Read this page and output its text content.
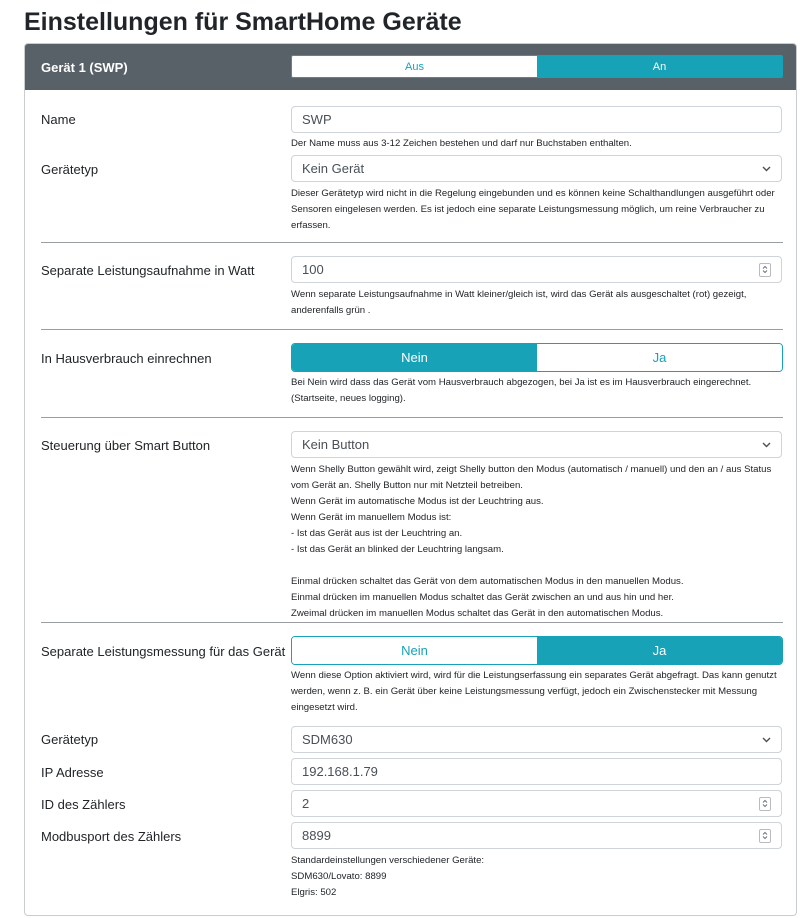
Einstellungen für SmartHome Geräte
Gerät 1 (SWP)	Aus	An
Name	SWP
Der Name muss aus 3-12 Zeichen bestehen und darf nur Buchstaben enthalten.
Gerätetyp	Kein Gerät
Dieser Gerätetyp wird nicht in die Regelung eingebunden und es können keine Schalthandlungen ausgeführt oder Sensoren eingelesen werden. Es ist jedoch eine separate Leistungsmessung möglich, um reine Verbraucher zu erfassen.
Separate Leistungsaufnahme in Watt	100
Wenn separate Leistungsaufnahme in Watt kleiner/gleich ist, wird das Gerät als ausgeschaltet (rot) gezeigt, anderenfalls grün .
In Hausverbrauch einrechnen	Nein	Ja
Bei Nein wird dass das Gerät vom Hausverbrauch abgezogen, bei Ja ist es im Hausverbrauch eingerechnet. (Startseite, neues logging).
Steuerung über Smart Button	Kein Button
Wenn Shelly Button gewählt wird, zeigt Shelly button den Modus (automatisch / manuell) und den an / aus Status vom Gerät an. Shelly Button nur mit Netzteil betreiben.
Wenn Gerät im automatische Modus ist der Leuchtring aus.
Wenn Gerät im manuellem Modus ist:
- Ist das Gerät aus ist der Leuchtring an.
- Ist das Gerät an blinked der Leuchtring langsam.
Einmal drücken schaltet das Gerät von dem automatischen Modus in den manuellen Modus.
Einmal drücken im manuellen Modus schaltet das Gerät zwischen an und aus hin und her.
Zweimal drücken im manuellen Modus schaltet das Gerät in den automatischen Modus.
Separate Leistungsmessung für das Gerät	Nein	Ja
Wenn diese Option aktiviert wird, wird für die Leistungserfassung ein separates Gerät abgefragt. Das kann genutzt werden, wenn z. B. ein Gerät über keine Leistungsmessung verfügt, jedoch ein Zwischenstecker mit Messung eingesetzt wird.
Gerätetyp	SDM630
IP Adresse	192.168.1.79
ID des Zählers	2
Modbusport des Zählers	8899
Standardeinstellungen verschiedener Geräte:
SDM630/Lovato: 8899
Elgris: 502
